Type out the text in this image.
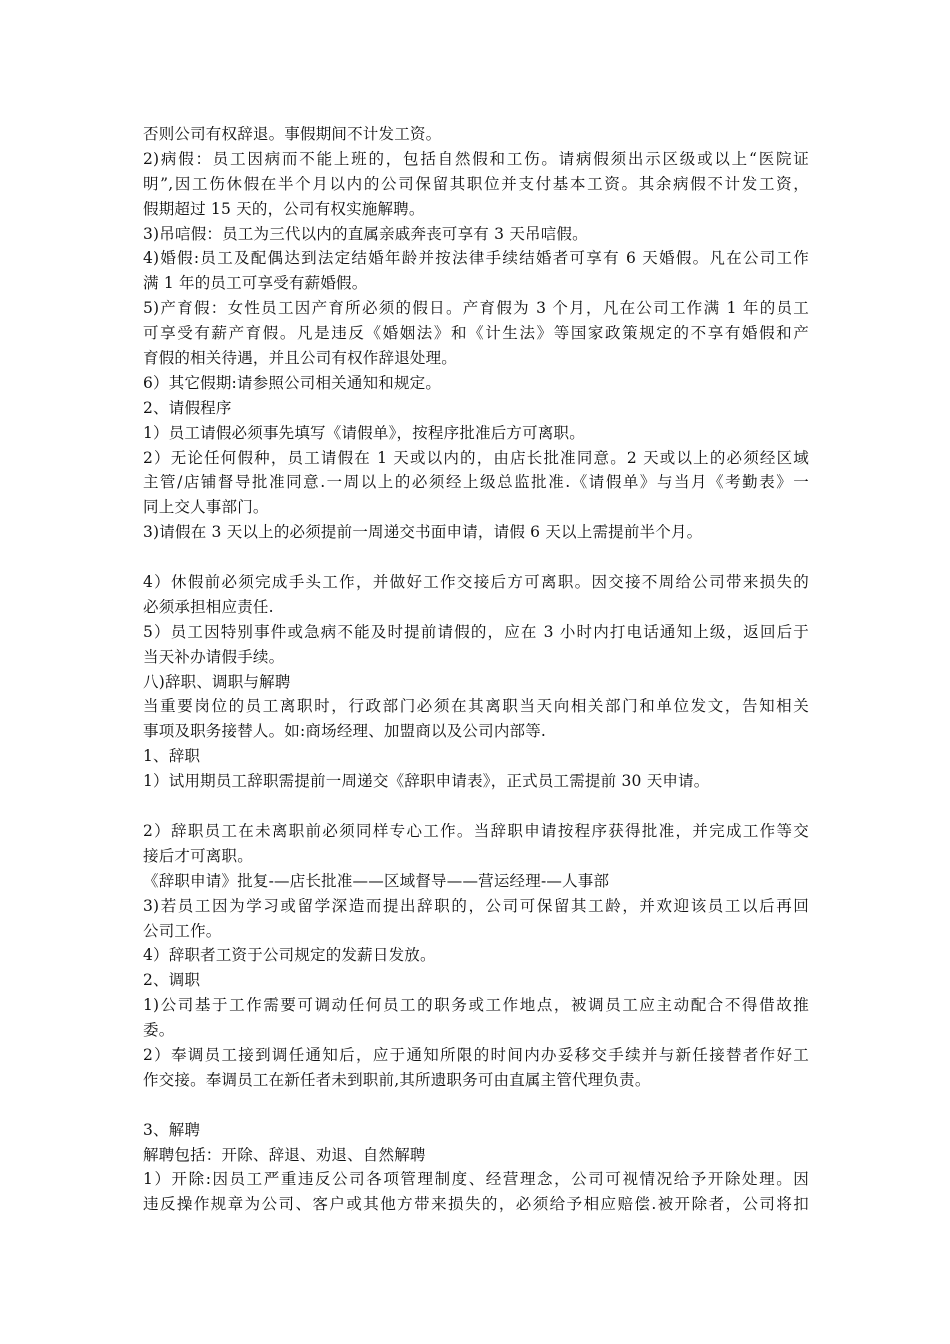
否则公司有权辞退。事假期间不计发工资。
2)病假：员工因病而不能上班的，包括自然假和工伤。请病假须出示区级或以上“医院证
明”,因工伤休假在半个月以内的公司保留其职位并支付基本工资。其余病假不计发工资，
假期超过 15 天的，公司有权实施解聘。
3)吊唁假：员工为三代以内的直属亲戚奔丧可享有 3 天吊唁假。
4)婚假:员工及配偶达到法定结婚年龄并按法律手续结婚者可享有 6 天婚假。凡在公司工作
满 1 年的员工可享受有薪婚假。
5)产育假：女性员工因产育所必须的假日。产育假为 3 个月，凡在公司工作满 1 年的员工
可享受有薪产育假。凡是违反《婚姻法》和《计生法》等国家政策规定的不享有婚假和产
育假的相关待遇，并且公司有权作辞退处理。
6）其它假期:请参照公司相关通知和规定。
2、请假程序
1）员工请假必须事先填写《请假单》，按程序批准后方可离职。
2）无论任何假种，员工请假在 1 天或以内的，由店长批准同意。2 天或以上的必须经区域
主管/店铺督导批准同意.一周以上的必须经上级总监批准.《请假单》与当月《考勤表》一
同上交人事部门。
3)请假在 3 天以上的必须提前一周递交书面申请，请假 6 天以上需提前半个月。
4）休假前必须完成手头工作，并做好工作交接后方可离职。因交接不周给公司带来损失的
必须承担相应责任.
5）员工因特别事件或急病不能及时提前请假的，应在 3 小时内打电话通知上级，返回后于
当天补办请假手续。
八)辞职、调职与解聘
当重要岗位的员工离职时，行政部门必须在其离职当天向相关部门和单位发文，告知相关
事项及职务接替人。如:商场经理、加盟商以及公司内部等.
1、辞职
1）试用期员工辞职需提前一周递交《辞职申请表》，正式员工需提前 30 天申请。
2）辞职员工在未离职前必须同样专心工作。当辞职申请按程序获得批准，并完成工作等交
接后才可离职。
《辞职申请》批复-—店长批准——区域督导——营运经理-—人事部
3)若员工因为学习或留学深造而提出辞职的，公司可保留其工龄，并欢迎该员工以后再回
公司工作。
4）辞职者工资于公司规定的发薪日发放。
2、调职
1)公司基于工作需要可调动任何员工的职务或工作地点，被调员工应主动配合不得借故推
委。
2）奉调员工接到调任通知后，应于通知所限的时间内办妥移交手续并与新任接替者作好工
作交接。奉调员工在新任者未到职前,其所遗职务可由直属主管代理负责。
3、解聘
解聘包括：开除、辞退、劝退、自然解聘
1）开除:因员工严重违反公司各项管理制度、经营理念，公司可视情况给予开除处理。因
违反操作规章为公司、客户或其他方带来损失的，必须给予相应赔偿.被开除者，公司将扣
